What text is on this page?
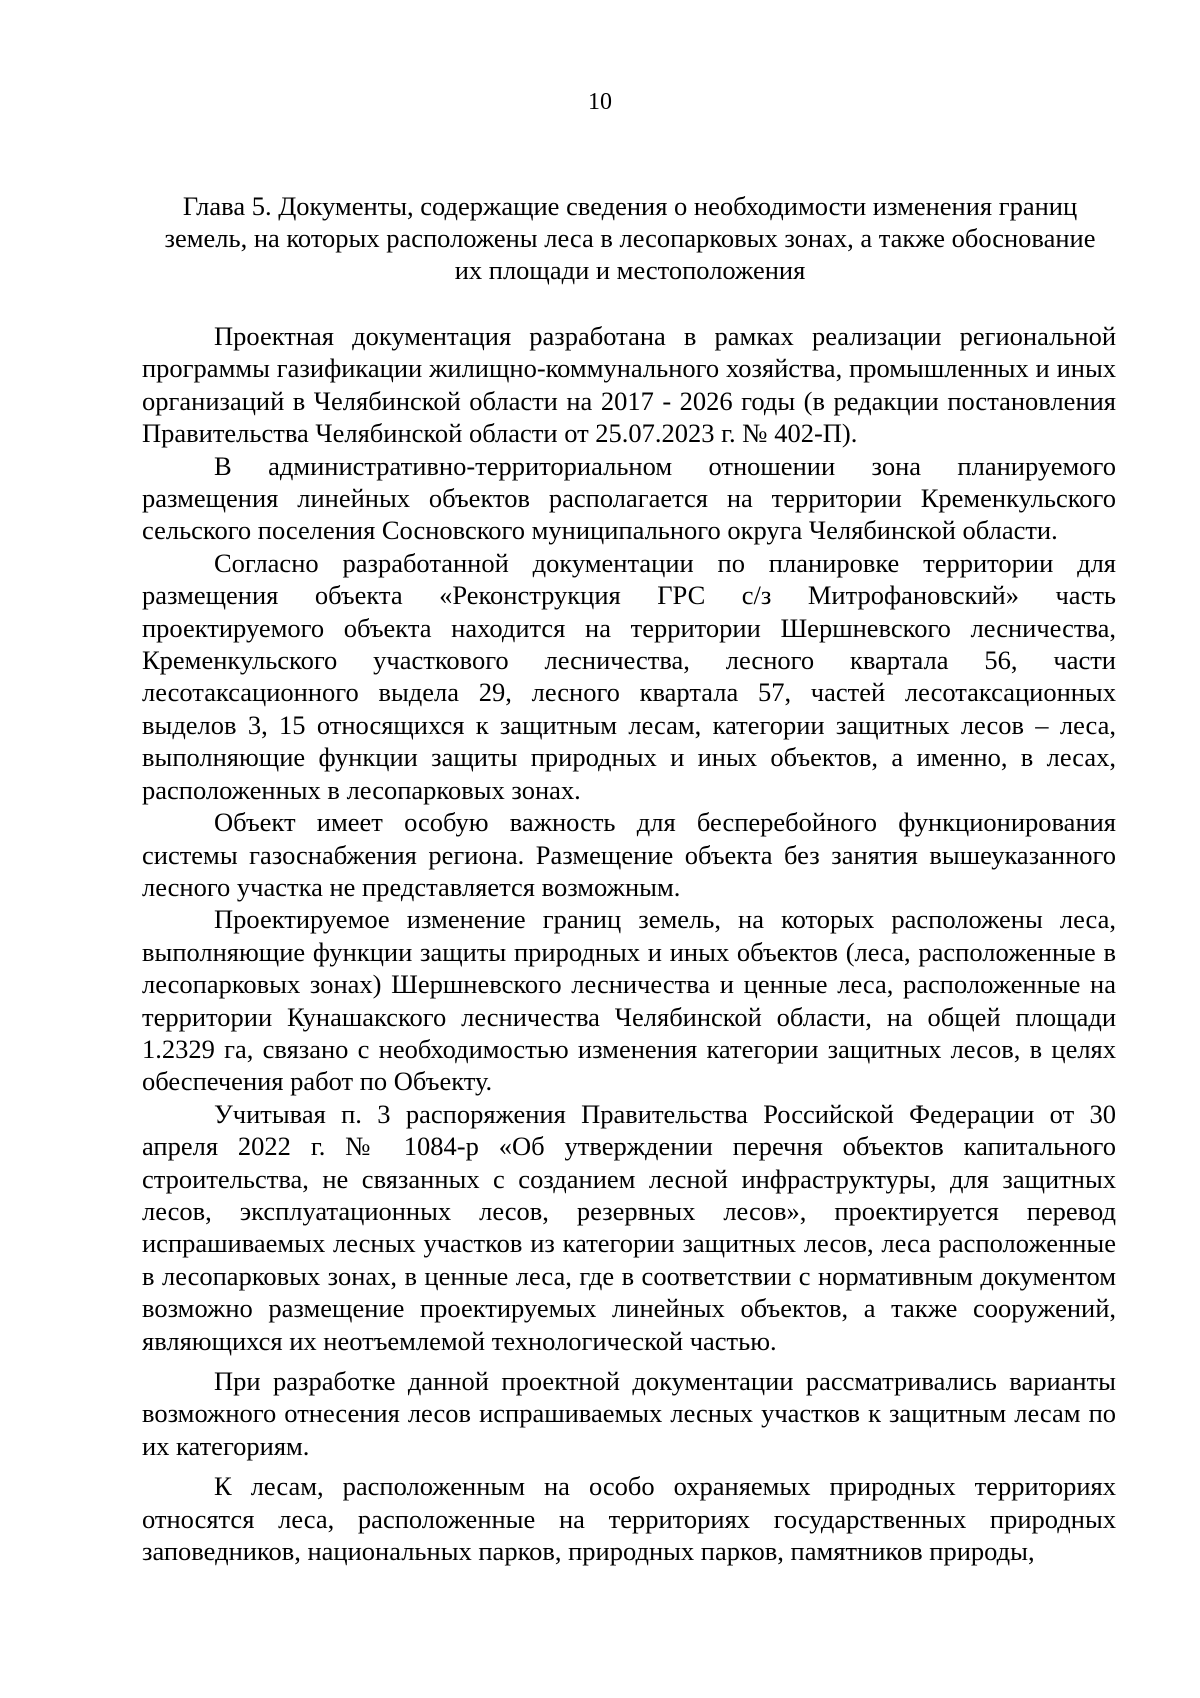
10
Глава 5. Документы, содержащие сведения о необходимости изменения границ земель, на которых расположены леса в лесопарковых зонах, а также обоснование их площади и местоположения

Проектная документация разработана в рамках реализации региональной программы газификации жилищно-коммунального хозяйства, промышленных и иных организаций в Челябинской области на 2017 - 2026 годы (в редакции постановления Правительства Челябинской области от 25.07.2023 г. № 402-П).

В административно-территориальном отношении зона планируемого размещения линейных объектов располагается на территории Кременкульского сельского поселения Сосновского муниципального округа Челябинской области.

Согласно разработанной документации по планировке территории для размещения объекта «Реконструкция ГРС с/з Митрофановский» часть проектируемого объекта находится на территории Шершневского лесничества, Кременкульского участкового лесничества, лесного квартала 56, части лесотаксационного выдела 29, лесного квартала 57, частей лесотаксационных выделов 3, 15 относящихся к защитным лесам, категории защитных лесов – леса, выполняющие функции защиты природных и иных объектов, а именно, в лесах, расположенных в лесопарковых зонах.

Объект имеет особую важность для бесперебойного функционирования системы газоснабжения региона. Размещение объекта без занятия вышеуказанного лесного участка не представляется возможным.

Проектируемое изменение границ земель, на которых расположены леса, выполняющие функции защиты природных и иных объектов (леса, расположенные в лесопарковых зонах) Шершневского лесничества и ценные леса, расположенные на территории Кунашакского лесничества Челябинской области, на общей площади 1.2329 га, связано с необходимостью изменения категории защитных лесов, в целях обеспечения работ по Объекту.

Учитывая п. 3 распоряжения Правительства Российской Федерации от 30 апреля 2022 г. № 1084-р «Об утверждении перечня объектов капитального строительства, не связанных с созданием лесной инфраструктуры, для защитных лесов, эксплуатационных лесов, резервных лесов», проектируется перевод испрашиваемых лесных участков из категории защитных лесов, леса расположенные в лесопарковых зонах, в ценные леса, где в соответствии с нормативным документом возможно размещение проектируемых линейных объектов, а также сооружений, являющихся их неотъемлемой технологической частью.

При разработке данной проектной документации рассматривались варианты возможного отнесения лесов испрашиваемых лесных участков к защитным лесам по их категориям.

К лесам, расположенным на особо охраняемых природных территориях относятся леса, расположенные на территориях государственных природных заповедников, национальных парков, природных парков, памятников природы,
